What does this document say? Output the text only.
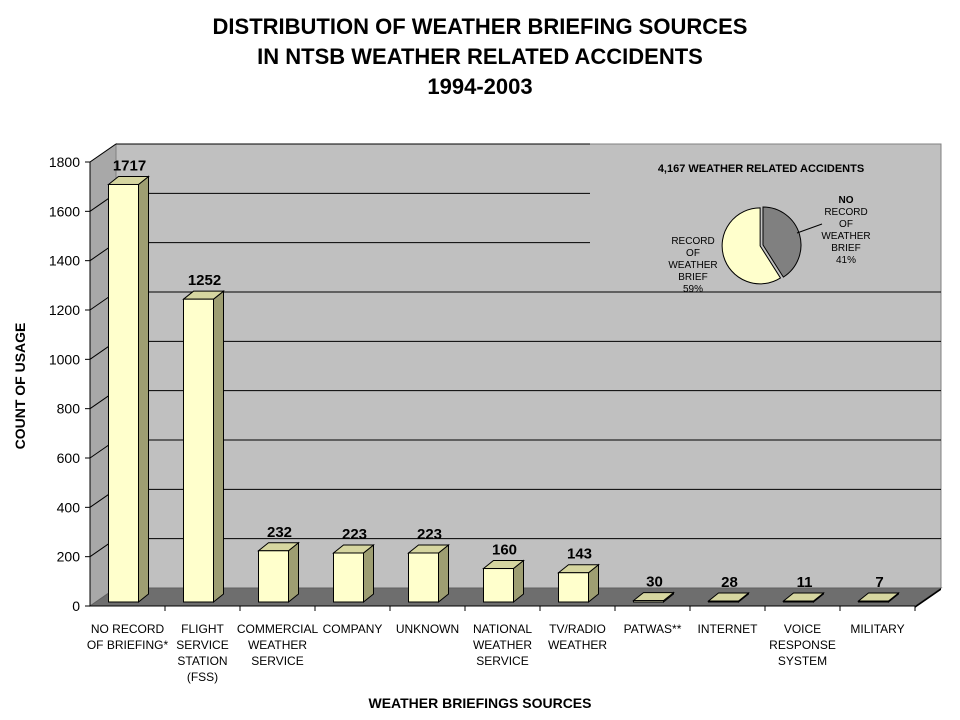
DISTRIBUTION OF WEATHER BRIEFING SOURCES
IN NTSB WEATHER RELATED ACCIDENTS
1994-2003
0
200
400
600
800
1000
1200
1400
1600
1800 1717
NO RECORD
OF BRIEFING*
1252
FLIGHT
SERVICE
STATION
(FSS)
232
COMMERCIAL
WEATHER
SERVICE
223
COMPANY
223
UNKNOWN
160
NATIONAL
WEATHER
SERVICE
143
TV/RADIO
WEATHER
30
PATWAS**
28
INTERNET
11
VOICE
RESPONSE
SYSTEM
7
MILITARY
WEATHER BRIEFINGS SOURCES
COUNT OF USAGE
4,167 WEATHER RELATED ACCIDENTS
NO
RECORD
OF
WEATHER
BRIEF
41%
RECORD
OF
WEATHER
BRIEF
59%
